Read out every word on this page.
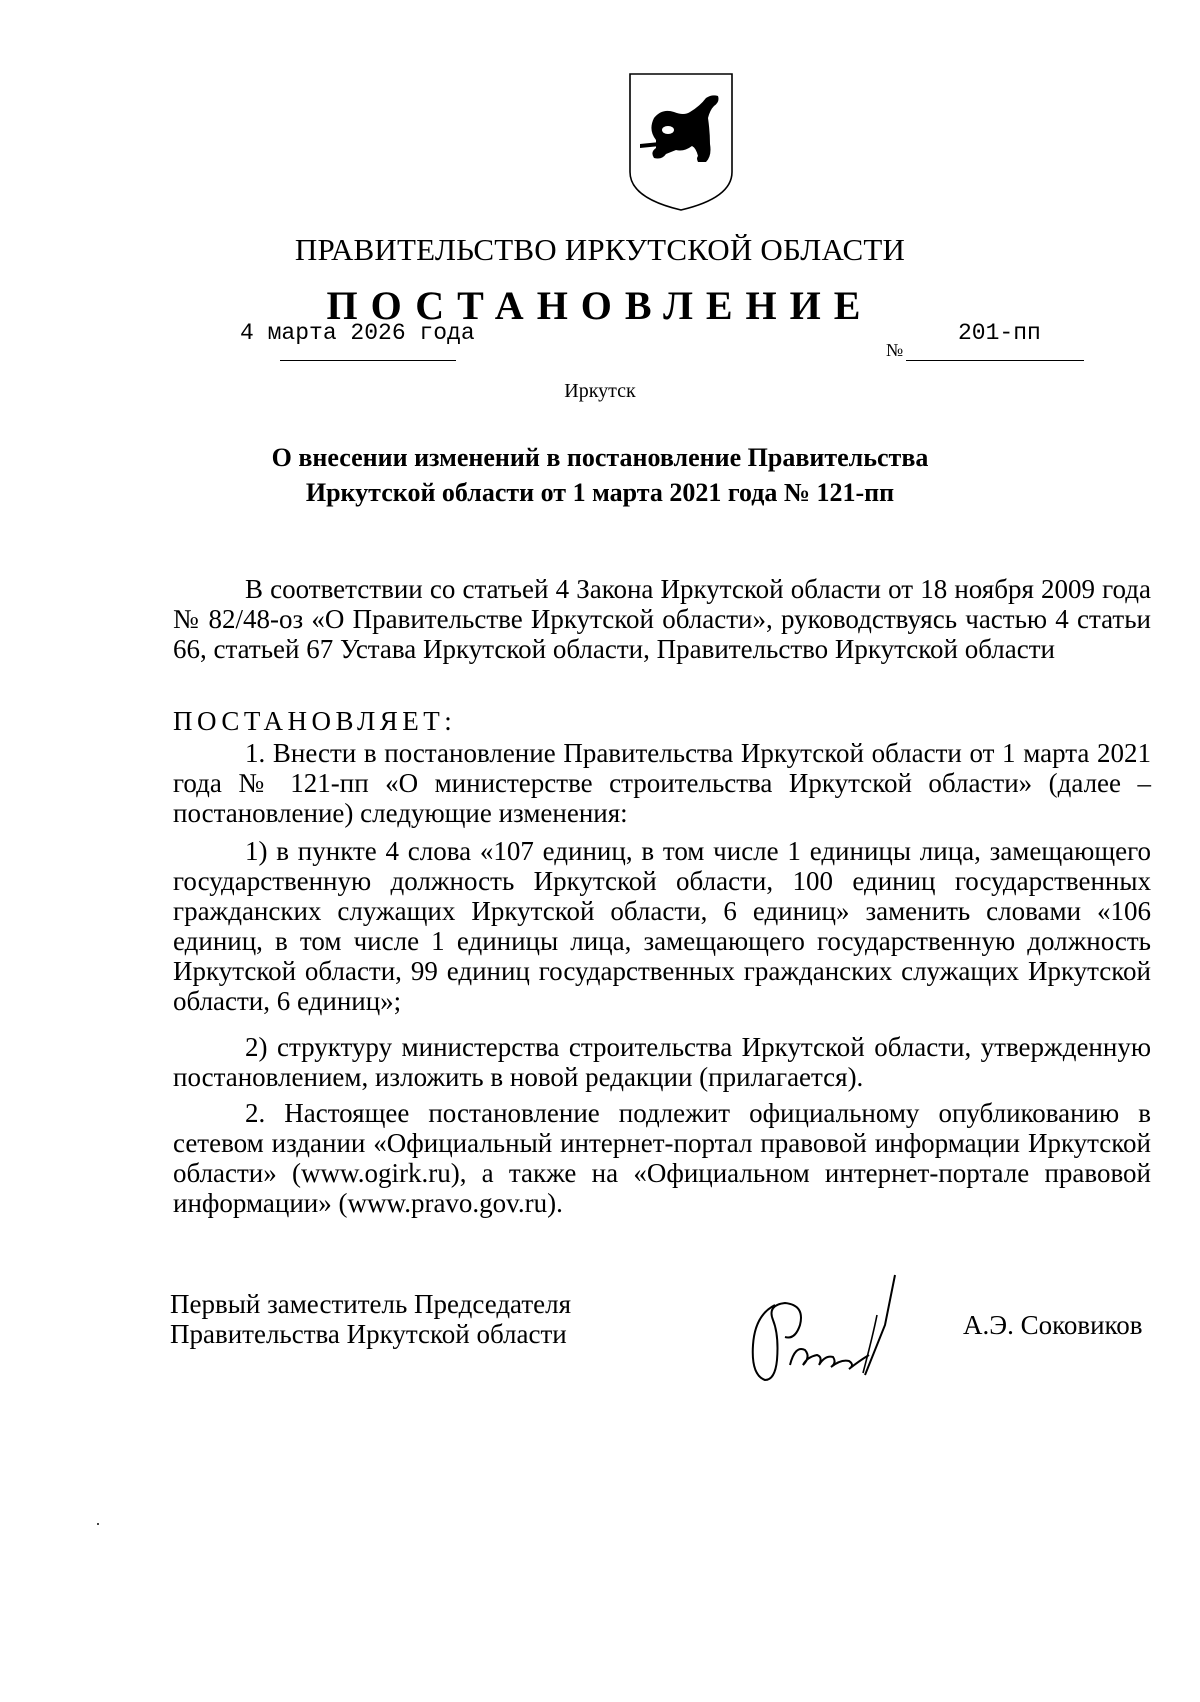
ПРАВИТЕЛЬСТВО ИРКУТСКОЙ ОБЛАСТИ
ПОСТАНОВЛЕНИЕ
4 марта 2026 года
№
201-пп
Иркутск
О внесении изменений в постановление Правительства
Иркутской области от 1 марта 2021 года № 121-пп
В соответствии со статьей 4 Закона Иркутской области от 18 ноября 2009 года № 82/48-оз «О Правительстве Иркутской области», руководствуясь частью 4 статьи 66, статьей 67 Устава Иркутской области, Правительство Иркутской области
ПОСТАНОВЛЯЕТ:
1. Внести в постановление Правительства Иркутской области от 1 марта 2021 года № 121-пп «О министерстве строительства Иркутской области» (далее – постановление) следующие изменения:
1) в пункте 4 слова «107 единиц, в том числе 1 единицы лица, замещающего государственную должность Иркутской области, 100 единиц государственных гражданских служащих Иркутской области, 6 единиц» заменить словами «106 единиц, в том числе 1 единицы лица, замещающего государственную должность Иркутской области, 99 единиц государственных гражданских служащих Иркутской области, 6 единиц»;
2) структуру министерства строительства Иркутской области, утвержденную постановлением, изложить в новой редакции (прилагается).
2. Настоящее постановление подлежит официальному опубликованию в сетевом издании «Официальный интернет-портал правовой информации Иркутской области» (www.ogirk.ru), а также на «Официальном интернет-портале правовой информации» (www.pravo.gov.ru).
Первый заместитель Председателя
Правительства Иркутской области	А.Э. Соковиков
